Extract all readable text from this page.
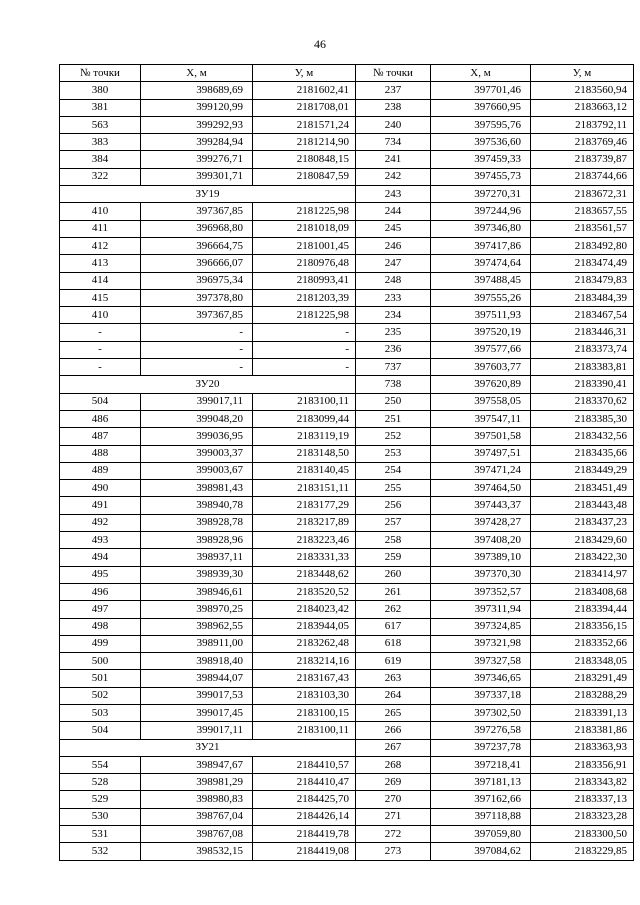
46
№ точки	X, м	У, м	№ точки	X, м	У, м
380	398689,69	2181602,41	237	397701,46	2183560,94
381	399120,99	2181708,01	238	397660,95	2183663,12
563	399292,93	2181571,24	240	397595,76	2183792,11
383	399284,94	2181214,90	734	397536,60	2183769,46
384	399276,71	2180848,15	241	397459,33	2183739,87
322	399301,71	2180847,59	242	397455,73	2183744,66
ЗУ19			243	397270,31	2183672,31
410	397367,85	2181225,98	244	397244,96	2183657,55
411	396968,80	2181018,09	245	397346,80	2183561,57
412	396664,75	2181001,45	246	397417,86	2183492,80
413	396666,07	2180976,48	247	397474,64	2183474,49
414	396975,34	2180993,41	248	397488,45	2183479,83
415	397378,80	2181203,39	233	397555,26	2183484,39
410	397367,85	2181225,98	234	397511,93	2183467,54
-	-	-	235	397520,19	2183446,31
-	-	-	236	397577,66	2183373,74
-	-	-	737	397603,77	2183383,81
ЗУ20			738	397620,89	2183390,41
504	399017,11	2183100,11	250	397558,05	2183370,62
486	399048,20	2183099,44	251	397547,11	2183385,30
487	399036,95	2183119,19	252	397501,58	2183432,56
488	399003,37	2183148,50	253	397497,51	2183435,66
489	399003,67	2183140,45	254	397471,24	2183449,29
490	398981,43	2183151,11	255	397464,50	2183451,49
491	398940,78	2183177,29	256	397443,37	2183443,48
492	398928,78	2183217,89	257	397428,27	2183437,23
493	398928,96	2183223,46	258	397408,20	2183429,60
494	398937,11	2183331,33	259	397389,10	2183422,30
495	398939,30	2183448,62	260	397370,30	2183414,97
496	398946,61	2183520,52	261	397352,57	2183408,68
497	398970,25	2184023,42	262	397311,94	2183394,44
498	398962,55	2183944,05	617	397324,85	2183356,15
499	398911,00	2183262,48	618	397321,98	2183352,66
500	398918,40	2183214,16	619	397327,58	2183348,05
501	398944,07	2183167,43	263	397346,65	2183291,49
502	399017,53	2183103,30	264	397337,18	2183288,29
503	399017,45	2183100,15	265	397302,50	2183391,13
504	399017,11	2183100,11	266	397276,58	2183381,86
ЗУ21			267	397237,78	2183363,93
554	398947,67	2184410,57	268	397218,41	2183356,91
528	398981,29	2184410,47	269	397181,13	2183343,82
529	398980,83	2184425,70	270	397162,66	2183337,13
530	398767,04	2184426,14	271	397118,88	2183323,28
531	398767,08	2184419,78	272	397059,80	2183300,50
532	398532,15	2184419,08	273	397084,62	2183229,85
